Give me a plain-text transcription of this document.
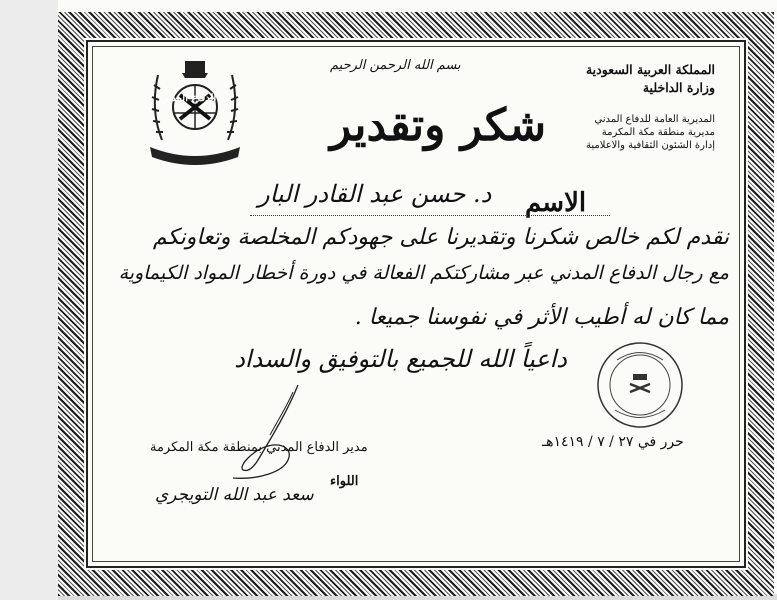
الدفاع المدني
بسم الله الرحمن الرحيم	المملكة العربية السعودية
وزارة الداخلية
المديرية العامة للدفاع المدني
مديرية منطقة مكة المكرمة
إدارة الشئون الثقافية والاعلامية
شكر وتقدير
الاسم
د. حسن عبد القادر البار
نقدم لكم خالص شكرنا وتقديرنا على جهودكم المخلصة وتعاونكم
مع رجال الدفاع المدني عبر مشاركتكم الفعالة في دورة أخطار المواد الكيماوية
مما كان له أطيب الأثر في نفوسنا جميعا .
داعياً الله للجميع بالتوفيق والسداد
حرر في ٢٧ / ٧ / ١٤١٩هـ
مدير الدفاع المدني بمنطقة مكة المكرمة
اللواء
سعد عبد الله التويجري
